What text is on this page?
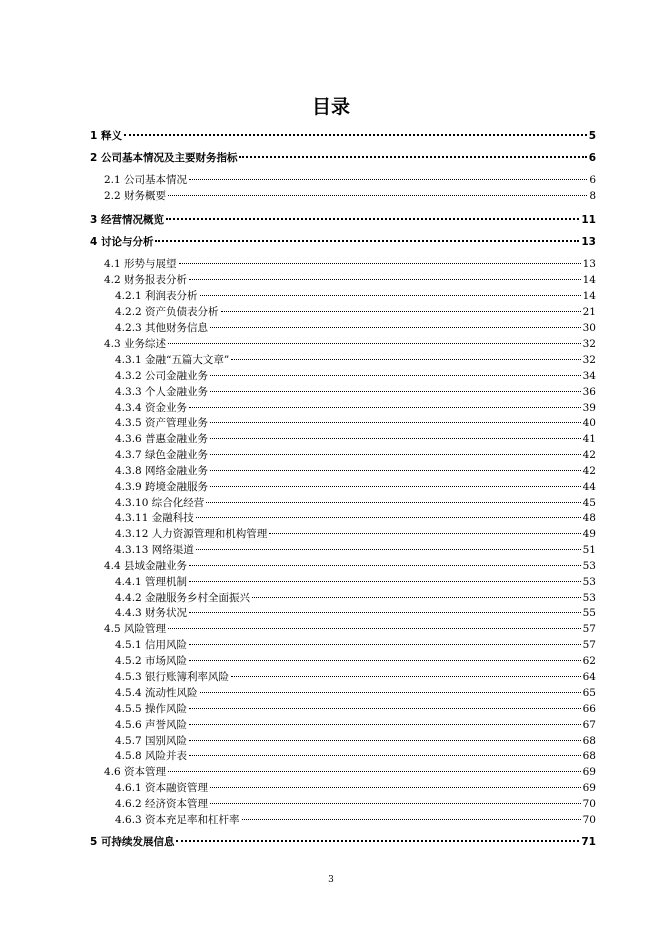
目录
1 释义	5
2 公司基本情况及主要财务指标	6
2.1 公司基本情况	6
2.2 财务概要	8
3 经营情况概览	11
4 讨论与分析	13
4.1 形势与展望	13
4.2 财务报表分析	14
4.2.1 利润表分析	14
4.2.2 资产负债表分析	21
4.2.3 其他财务信息	30
4.3 业务综述	32
4.3.1 金融“五篇大文章”	32
4.3.2 公司金融业务	34
4.3.3 个人金融业务	36
4.3.4 资金业务	39
4.3.5 资产管理业务	40
4.3.6 普惠金融业务	41
4.3.7 绿色金融业务	42
4.3.8 网络金融业务	42
4.3.9 跨境金融服务	44
4.3.10 综合化经营	45
4.3.11 金融科技	48
4.3.12 人力资源管理和机构管理	49
4.3.13 网络渠道	51
4.4 县域金融业务	53
4.4.1 管理机制	53
4.4.2 金融服务乡村全面振兴	53
4.4.3 财务状况	55
4.5 风险管理	57
4.5.1 信用风险	57
4.5.2 市场风险	62
4.5.3 银行账簿利率风险	64
4.5.4 流动性风险	65
4.5.5 操作风险	66
4.5.6 声誉风险	67
4.5.7 国别风险	68
4.5.8 风险并表	68
4.6 资本管理	69
4.6.1 资本融资管理	69
4.6.2 经济资本管理	70
4.6.3 资本充足率和杠杆率	70
5 可持续发展信息	71
3
